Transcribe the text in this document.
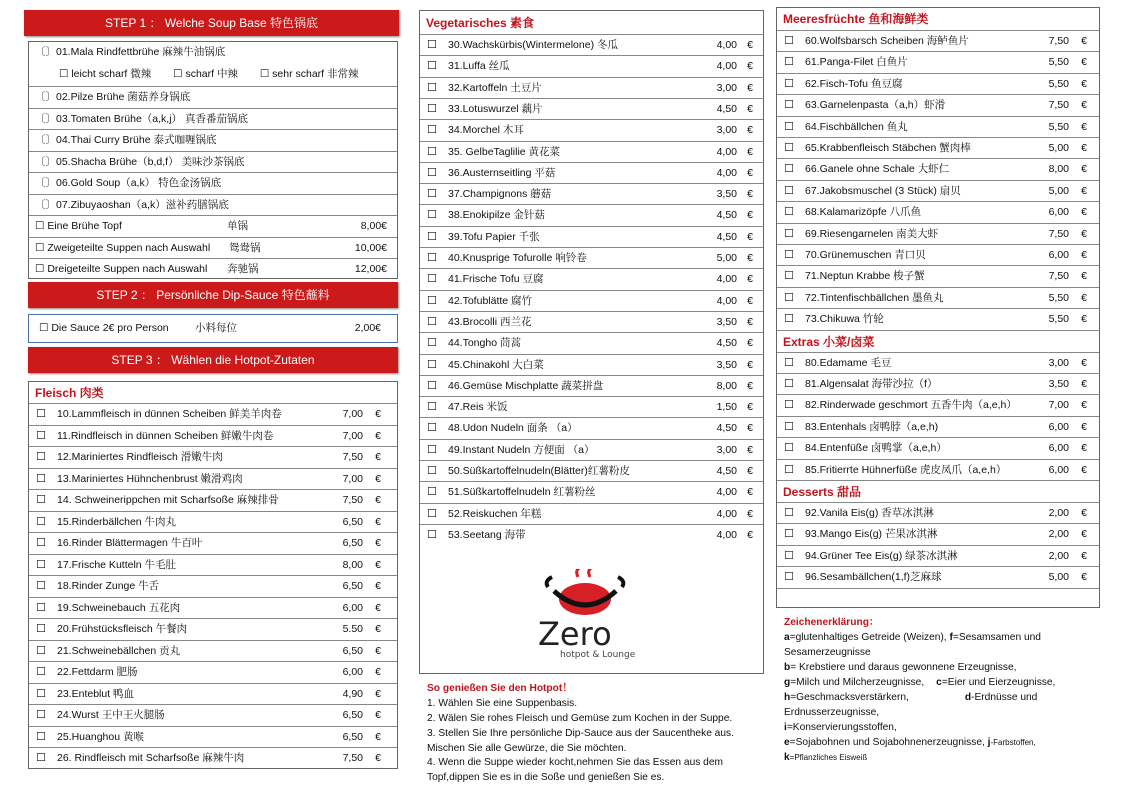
STEP 1 ： Welche Soup Base 特色锅底
〔〕01.Mala Rindfettbrühe 麻辣牛油锅底
☐ leicht scharf 微辣 ☐ scharf 中辣 ☐ sehr scharf 非常辣
〔〕02.Pilze Brühe 菌菇养身锅底
〔〕03.Tomaten Brühe（a,k,j） 真香番茄锅底
〔〕04.Thai Curry Brühe 泰式咖喱锅底
〔〕05.Shacha Brühe（b,d,f） 美味沙茶锅底
〔〕06.Gold Soup（a,k） 特色金汤锅底
〔〕07.Zibuyaoshan（a,k）滋补药膳锅底
☐ Eine Brühe Topf	单锅	8,00€
☐ Zweigeteilte Suppen nach Auswahl 鸳鸯锅	10,00€
☐ Dreigeteilte Suppen nach Auswahl 奔驰锅	12,00€
STEP 2 ： Persönliche Dip-Sauce 特色蘸料
☐ Die Sauce 2€ pro Person	小料每位	2,00€
STEP 3 ： Wählen die Hotpot-Zutaten
Fleisch 肉类
☐ 10.Lammfleisch in dünnen Scheiben 鲜美羊肉卷	7,00 €
☐ 11.Rindfleisch in dünnen Scheiben 鲜嫩牛肉卷	7,00 €
☐ 12.Mariniertes Rindfleisch 滑嫩牛肉	7,50 €
☐ 13.Mariniertes Hühnchenbrust 嫩滑鸡肉	7,00 €
☐ 14. Schweinerippchen mit Scharfsoße 麻辣排骨	7,50 €
☐ 15.Rinderbällchen 牛肉丸	6,50 €
☐ 16.Rinder Blättermagen 牛百叶	6,50 €
☐ 17.Frische Kutteln 牛毛肚	8,00 €
☐ 18.Rinder Zunge 牛舌	6,50 €
☐ 19.Schweinebauch 五花肉	6,00 €
☐ 20.Frühstücksfleisch 午餐肉	5.50 €
☐ 21.Schweinebällchen 贡丸	6,50 €
☐ 22.Fettdarm 肥肠	6,00 €
☐ 23.Enteblut 鸭血	4,90 €
☐ 24.Wurst 王中王火腿肠	6,50 €
☐ 25.Huanghou 黄喉	6,50 €
☐ 26. Rindfleisch mit Scharfsoße 麻辣牛肉	7,50 €
Vegetarisches 素食
☐ 30.Wachskürbis(Wintermelone) 冬瓜	4,00 €
☐ 31.Luffa 丝瓜	4,00 €
☐ 32.Kartoffeln 土豆片	3,00 €
☐ 33.Lotuswurzel 藕片	4,50 €
☐ 34.Morchel 木耳	3,00 €
☐ 35. GelbeTaglilie 黄花菜	4,00 €
☐ 36.Austernseitling 平菇	4,00 €
☐ 37.Champignons 蘑菇	3,50 €
☐ 38.Enokipilze 金针菇	4,50 €
☐ 39.Tofu Papier 千张	4,50 €
☐ 40.Knusprige Tofurolle 响铃卷	5,00 €
☐ 41.Frische Tofu 豆腐	4,00 €
☐ 42.Tofublätte 腐竹	4,00 €
☐ 43.Brocolli 西兰花	3,50 €
☐ 44.Tongho 茼蒿	4,50 €
☐ 45.Chinakohl 大白菜	3,50 €
☐ 46.Gemüse Mischplatte 蔬菜拼盘	8,00 €
☐ 47.Reis 米饭	1,50 €
☐ 48.Udon Nudeln 面条 （a）	4,50 €
☐ 49.Instant Nudeln 方便面 （a）	3,00 €
☐ 50.Süßkartoffelnudeln(Blätter)红薯粉皮	4,50 €
☐ 51.Süßkartoffelnudeln 红薯粉丝	4,00 €
☐ 52.Reiskuchen 年糕	4,00 €
☐ 53.Seetang 海带	4,00 €
Zero
hotpot & Lounge
So genießen Sie den Hotpot！
1. Wählen Sie eine Suppenbasis.
2. Wälen Sie rohes Fleisch und Gemüse zum Kochen in der Suppe.
3. Stellen Sie Ihre persönliche Dip-Sauce aus der Saucentheke aus.
Mischen Sie alle Gewürze, die Sie möchten.
4. Wenn die Suppe wieder kocht,nehmen Sie das Essen aus dem
Topf,dippen Sie es in die Soße und genießen Sie es.
Meeresfrüchte 鱼和海鲜类
☐ 60.Wolfsbarsch Scheiben 海鲈鱼片	7,50 €
☐ 61.Panga-Filet 白鱼片	5,50 €
☐ 62.Fisch-Tofu 鱼豆腐	5,50 €
☐ 63.Garnelenpasta（a,h）虾滑	7,50 €
☐ 64.Fischbällchen 鱼丸	5,50 €
☐ 65.Krabbenfleisch Stäbchen 蟹肉棒	5,00 €
☐ 66.Ganele ohne Schale 大虾仁	8,00 €
☐ 67.Jakobsmuschel (3 Stück) 扇贝	5,00 €
☐ 68.Kalamarizöpfe 八爪鱼	6,00 €
☐ 69.Riesengarnelen 南美大虾	7,50 €
☐ 70.Grünemuschen 青口贝	6,00 €
☐ 71.Neptun Krabbe 梭子蟹	7,50 €
☐ 72.Tintenfischbällchen 墨鱼丸	5,50 €
☐ 73.Chikuwa 竹轮	5,50 €
Extras 小菜/卤菜
☐ 80.Edamame 毛豆	3,00 €
☐ 81.Algensalat 海带沙拉（f）	3,50 €
☐ 82.Rinderwade geschmort 五香牛肉（a,e,h）	7,00 €
☐ 83.Entenhals 卤鸭脖（a,e,h)	6,00 €
☐ 84.Entenfüße 卤鸭掌（a,e,h）	6,00 €
☐ 85.Fritierrte Hühnerfüße 虎皮凤爪（a,e,h）	6,00 €
Desserts 甜品
☐ 92.Vanila Eis(g) 香草冰淇淋	2,00 €
☐ 93.Mango Eis(g) 芒果冰淇淋	2,00 €
☐ 94.Grüner Tee Eis(g) 绿茶冰淇淋	2,00 €
☐ 96.Sesambällchen(1,f)芝麻球	5,00 €
Zeichenerklärung：
a=glutenhaltiges Getreide (Weizen), f=Sesamsamen und Sesamerzeugnisse
b= Krebstiere und daraus gewonnene Erzeugnisse,
g=Milch und Milcherzeugnisse, c=Eier und Eierzeugnisse,
h=Geschmacksverstärkern,	d-Erdnüsse und Erdnusserzeugnisse,
i=Konservierungsstoffen,
e=Sojabohnen und Sojabohnenerzeugnisse, j-Farbstoffen,
k=Pflanzliches Eisweiß
